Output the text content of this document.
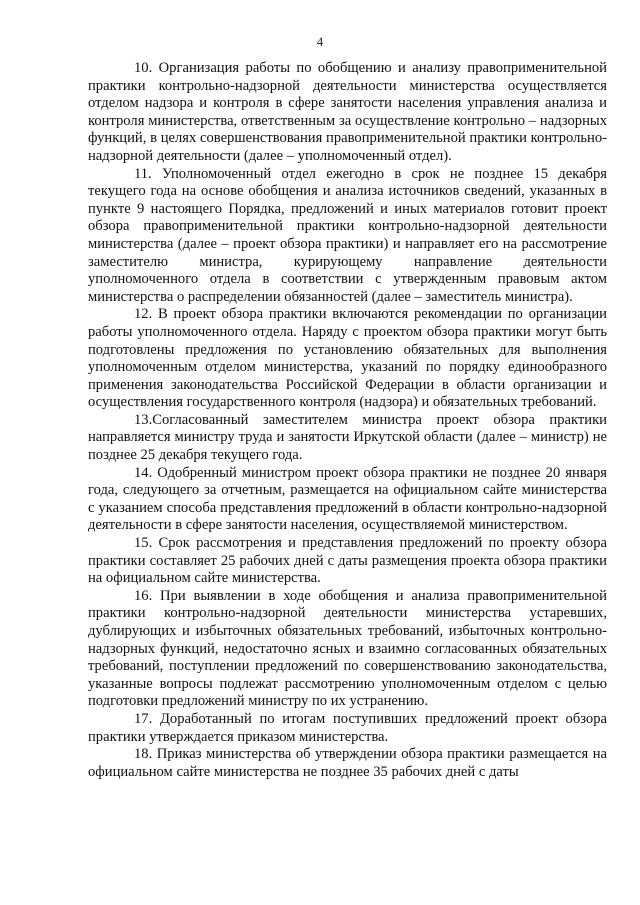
4

10. Организация работы по обобщению и анализу правоприменительной практики контрольно-надзорной деятельности министерства осуществляется отделом надзора и контроля в сфере занятости населения управления анализа и контроля министерства, ответственным за осуществление контрольно – надзорных функций, в целях совершенствования правоприменительной практики контрольно-надзорной деятельности (далее – уполномоченный отдел).

11. Уполномоченный отдел ежегодно в срок не позднее 15 декабря текущего года на основе обобщения и анализа источников сведений, указанных в пункте 9 настоящего Порядка, предложений и иных материалов готовит проект обзора правоприменительной практики контрольно-надзорной деятельности министерства (далее – проект обзора практики) и направляет его на рассмотрение заместителю министра, курирующему направление деятельности уполномоченного отдела в соответствии с утвержденным правовым актом министерства о распределении обязанностей (далее – заместитель министра).

12. В проект обзора практики включаются рекомендации по организации работы уполномоченного отдела. Наряду с проектом обзора практики могут быть подготовлены предложения по установлению обязательных для выполнения уполномоченным отделом министерства, указаний по порядку единообразного применения законодательства Российской Федерации в области организации и осуществления государственного контроля (надзора) и обязательных требований.

13.Согласованный заместителем министра проект обзора практики направляется министру труда и занятости Иркутской области (далее – министр) не позднее 25 декабря текущего года.

14. Одобренный министром проект обзора практики не позднее 20 января года, следующего за отчетным, размещается на официальном сайте министерства с указанием способа представления предложений в области контрольно-надзорной деятельности в сфере занятости населения, осуществляемой министерством.

15. Срок рассмотрения и представления предложений по проекту обзора практики составляет 25 рабочих дней с даты размещения проекта обзора практики на официальном сайте министерства.

16. При выявлении в ходе обобщения и анализа правоприменительной практики контрольно-надзорной деятельности министерства устаревших, дублирующих и избыточных обязательных требований, избыточных контрольно-надзорных функций, недостаточно ясных и взаимно согласованных обязательных требований, поступлении предложений по совершенствованию законодательства, указанные вопросы подлежат рассмотрению уполномоченным отделом с целью подготовки предложений министру по их устранению.

17. Доработанный по итогам поступивших предложений проект обзора практики утверждается приказом министерства.

18. Приказ министерства об утверждении обзора практики размещается на официальном сайте министерства не позднее 35 рабочих дней с даты
